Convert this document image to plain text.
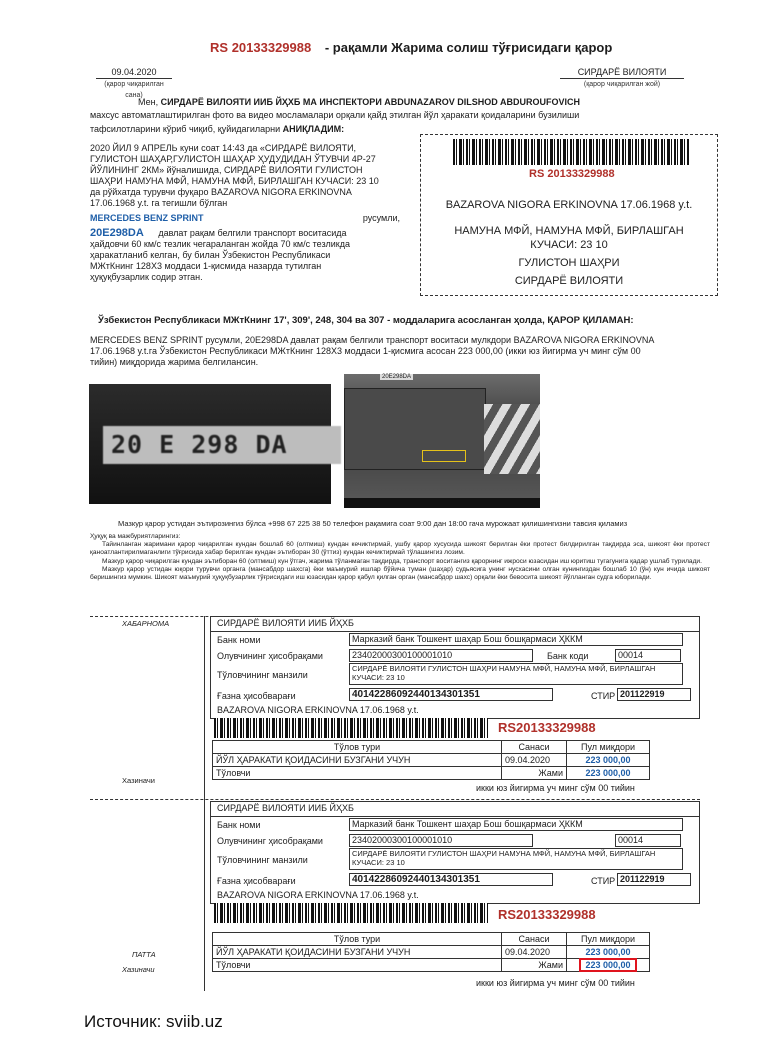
RS 20133329988 - рақамли Жарима солиш тўғрисидаги қарор
09.04.2020
(қарор чиқарилган сана)
СИРДАРЁ ВИЛОЯТИ
(қарор чиқарилган жой)
Мен, СИРДАРЁ ВИЛОЯТИ ИИБ ЙҲХБ МА ИНСПЕКТОРИ ABDUNAZAROV DILSHOD ABDUROUFOVICH
махсус автоматлаштирилган фото ва видео мосламалари орқали қайд этилган йўл ҳаракати қоидаларини бузилиши
тафсилотларини кўриб чиқиб, қуйидагиларни АНИҚЛАДИМ:
2020 ЙИЛ 9 АПРЕЛЬ куни соат 14:43 да «СИРДАРЁ ВИЛОЯТИ,
ГУЛИСТОН ШАҲАР,ГУЛИСТОН ШАҲАР ҲУДУДИДАН ЎТУВЧИ 4Р-27
ЙЎЛИНИНГ 2КМ» йўналишида, СИРДАРЁ ВИЛОЯТИ ГУЛИСТОН
ШАҲРИ НАМУНА МФЙ, НАМУНА МФЙ, БИРЛАШГАН КУЧАСИ: 23 10
да рўйхатда турувчи фуқаро BAZAROVA NIGORA ERKINOVNA
17.06.1968 y.t. га тегишли бўлган
MERCEDES BENZ SPRINT	русумли,
20E298DA давлат рақам белгили транспорт воситасида
ҳайдовчи 60 км/с тезлик чегараланган жойда 70 км/с тезликда
ҳаракатланиб келган, бу билан Ўзбекистон Республикаси
МЖтКнинг 128Х3 моддаси 1-қисмида назарда тутилган
ҳуқуқбузарлик содир этган.
RS 20133329988
BAZAROVA NIGORA ERKINOVNA 17.06.1968 y.t.
НАМУНА МФЙ, НАМУНА МФЙ, БИРЛАШГАН
КУЧАСИ: 23 10
ГУЛИСТОН ШАҲРИ
СИРДАРЁ ВИЛОЯТИ
Ўзбекистон Республикаси МЖтКнинг 17', 309', 248, 304 ва 307 - моддаларига асосланган ҳолда, ҚАРОР ҚИЛАМАН:
MERCEDES BENZ SPRINT русумли, 20E298DA давлат рақам белгили транспорт воситаси мулкдори BAZAROVA NIGORA ERKINOVNA
17.06.1968 y.t.га Ўзбекистон Республикаси МЖтКнинг 128Х3 моддаси 1-қисмига асосан 223 000,00 (икки юз йигирма уч минг сўм 00
тийин) миқдорида жарима белгилансин.
20 E 298 DA
20E298DA
Мазкур қарор устидан эътирозингиз бўлса +998 67 225 38 50 телефон рақамига соат 9:00 дан 18:00 гача мурожаат қилишингизни тавсия қиламиз
Ҳуқуқ ва мажбуриятларингиз:
Тайинланган жаримани қарор чиқарилган кундан бошлаб 60 (олтмиш) кундан кечиктирмай, ушбу қарор хусусида шикоят берилган ёки протест билдирилган тақдирда эса, шикоят ёки протест қаноатлантирилмаганлиги тўғрисида хабар берилган кундан эътиборан 30 (ўттиз) кундан кечиктирмай тўлашингиз лозим.
Мазкур қарор чиқарилган кундан эътиборан 60 (олтмиш) кун ўтгач, жарима тўланмаган тақдирда, транспорт воситангиз қарорнинг ижроси юзасидан иш юритиш тугагунига қадар ушлаб турилади.
Мазкур қарор устидан юқори турувчи органга (мансабдор шахсга) ёки маъмурий ишлар бўйича туман (шаҳар) судьясига унинг нусхасини олган кунингиздан бошлаб 10 (ўн) кун ичида шикоят беришингиз мумкин. Шикоят маъмурий ҳуқуқбузарлик тўғрисидаги иш юзасидан қарор қабул қилган орган (мансабдор шахс) орқали ёки бевосита шикоят йўлланган судга юборилади.
ХАБАРНОМА
Хазиначи
СИРДАРЁ ВИЛОЯТИ ИИБ ЙҲХБ
Банк номи	Марказий банк Тошкент шаҳар Бош бошқармаси ҲККМ
Олувчининг ҳисобрақами	23402000300100001010	Банк коди	00014
Тўловчининг манзили
СИРДАРЁ ВИЛОЯТИ ГУЛИСТОН ШАҲРИ НАМУНА МФЙ, НАМУНА МФЙ, БИРЛАШГАН
КУЧАСИ: 23 10
Ғазна ҳисобварағи	40142286092440134301351	СТИР 201122919
BAZAROVA NIGORA ERKINOVNA 17.06.1968 y.t.
RS20133329988
Тўлов тури	Санаси	Пул миқдори
ЙЎЛ ҲАРАКАТИ ҚОИДАСИНИ БУЗГАНИ УЧУН	09.04.2020	223 000,00
Тўловчи	Жами	223 000,00
икки юз йигирма уч минг сўм 00 тийин
ПАТТА
Хазиначи
СИРДАРЁ ВИЛОЯТИ ИИБ ЙҲХБ
Банк номи	Марказий банк Тошкент шаҳар Бош бошқармаси ҲККМ
Олувчининг ҳисобрақами	23402000300100001010	00014
Тўловчининг манзили
СИРДАРЁ ВИЛОЯТИ ГУЛИСТОН ШАҲРИ НАМУНА МФЙ, НАМУНА МФЙ, БИРЛАШГАН
КУЧАСИ: 23 10
Ғазна ҳисобварағи	40142286092440134301351	СТИР 201122919
BAZAROVA NIGORA ERKINOVNA 17.06.1968 y.t.
RS20133329988
Тўлов тури	Санаси	Пул миқдори
ЙЎЛ ҲАРАКАТИ ҚОИДАСИНИ БУЗГАНИ УЧУН	09.04.2020	223 000,00
Тўловчи	Жами	223 000,00
икки юз йигирма уч минг сўм 00 тийин
Источник: sviib.uz
